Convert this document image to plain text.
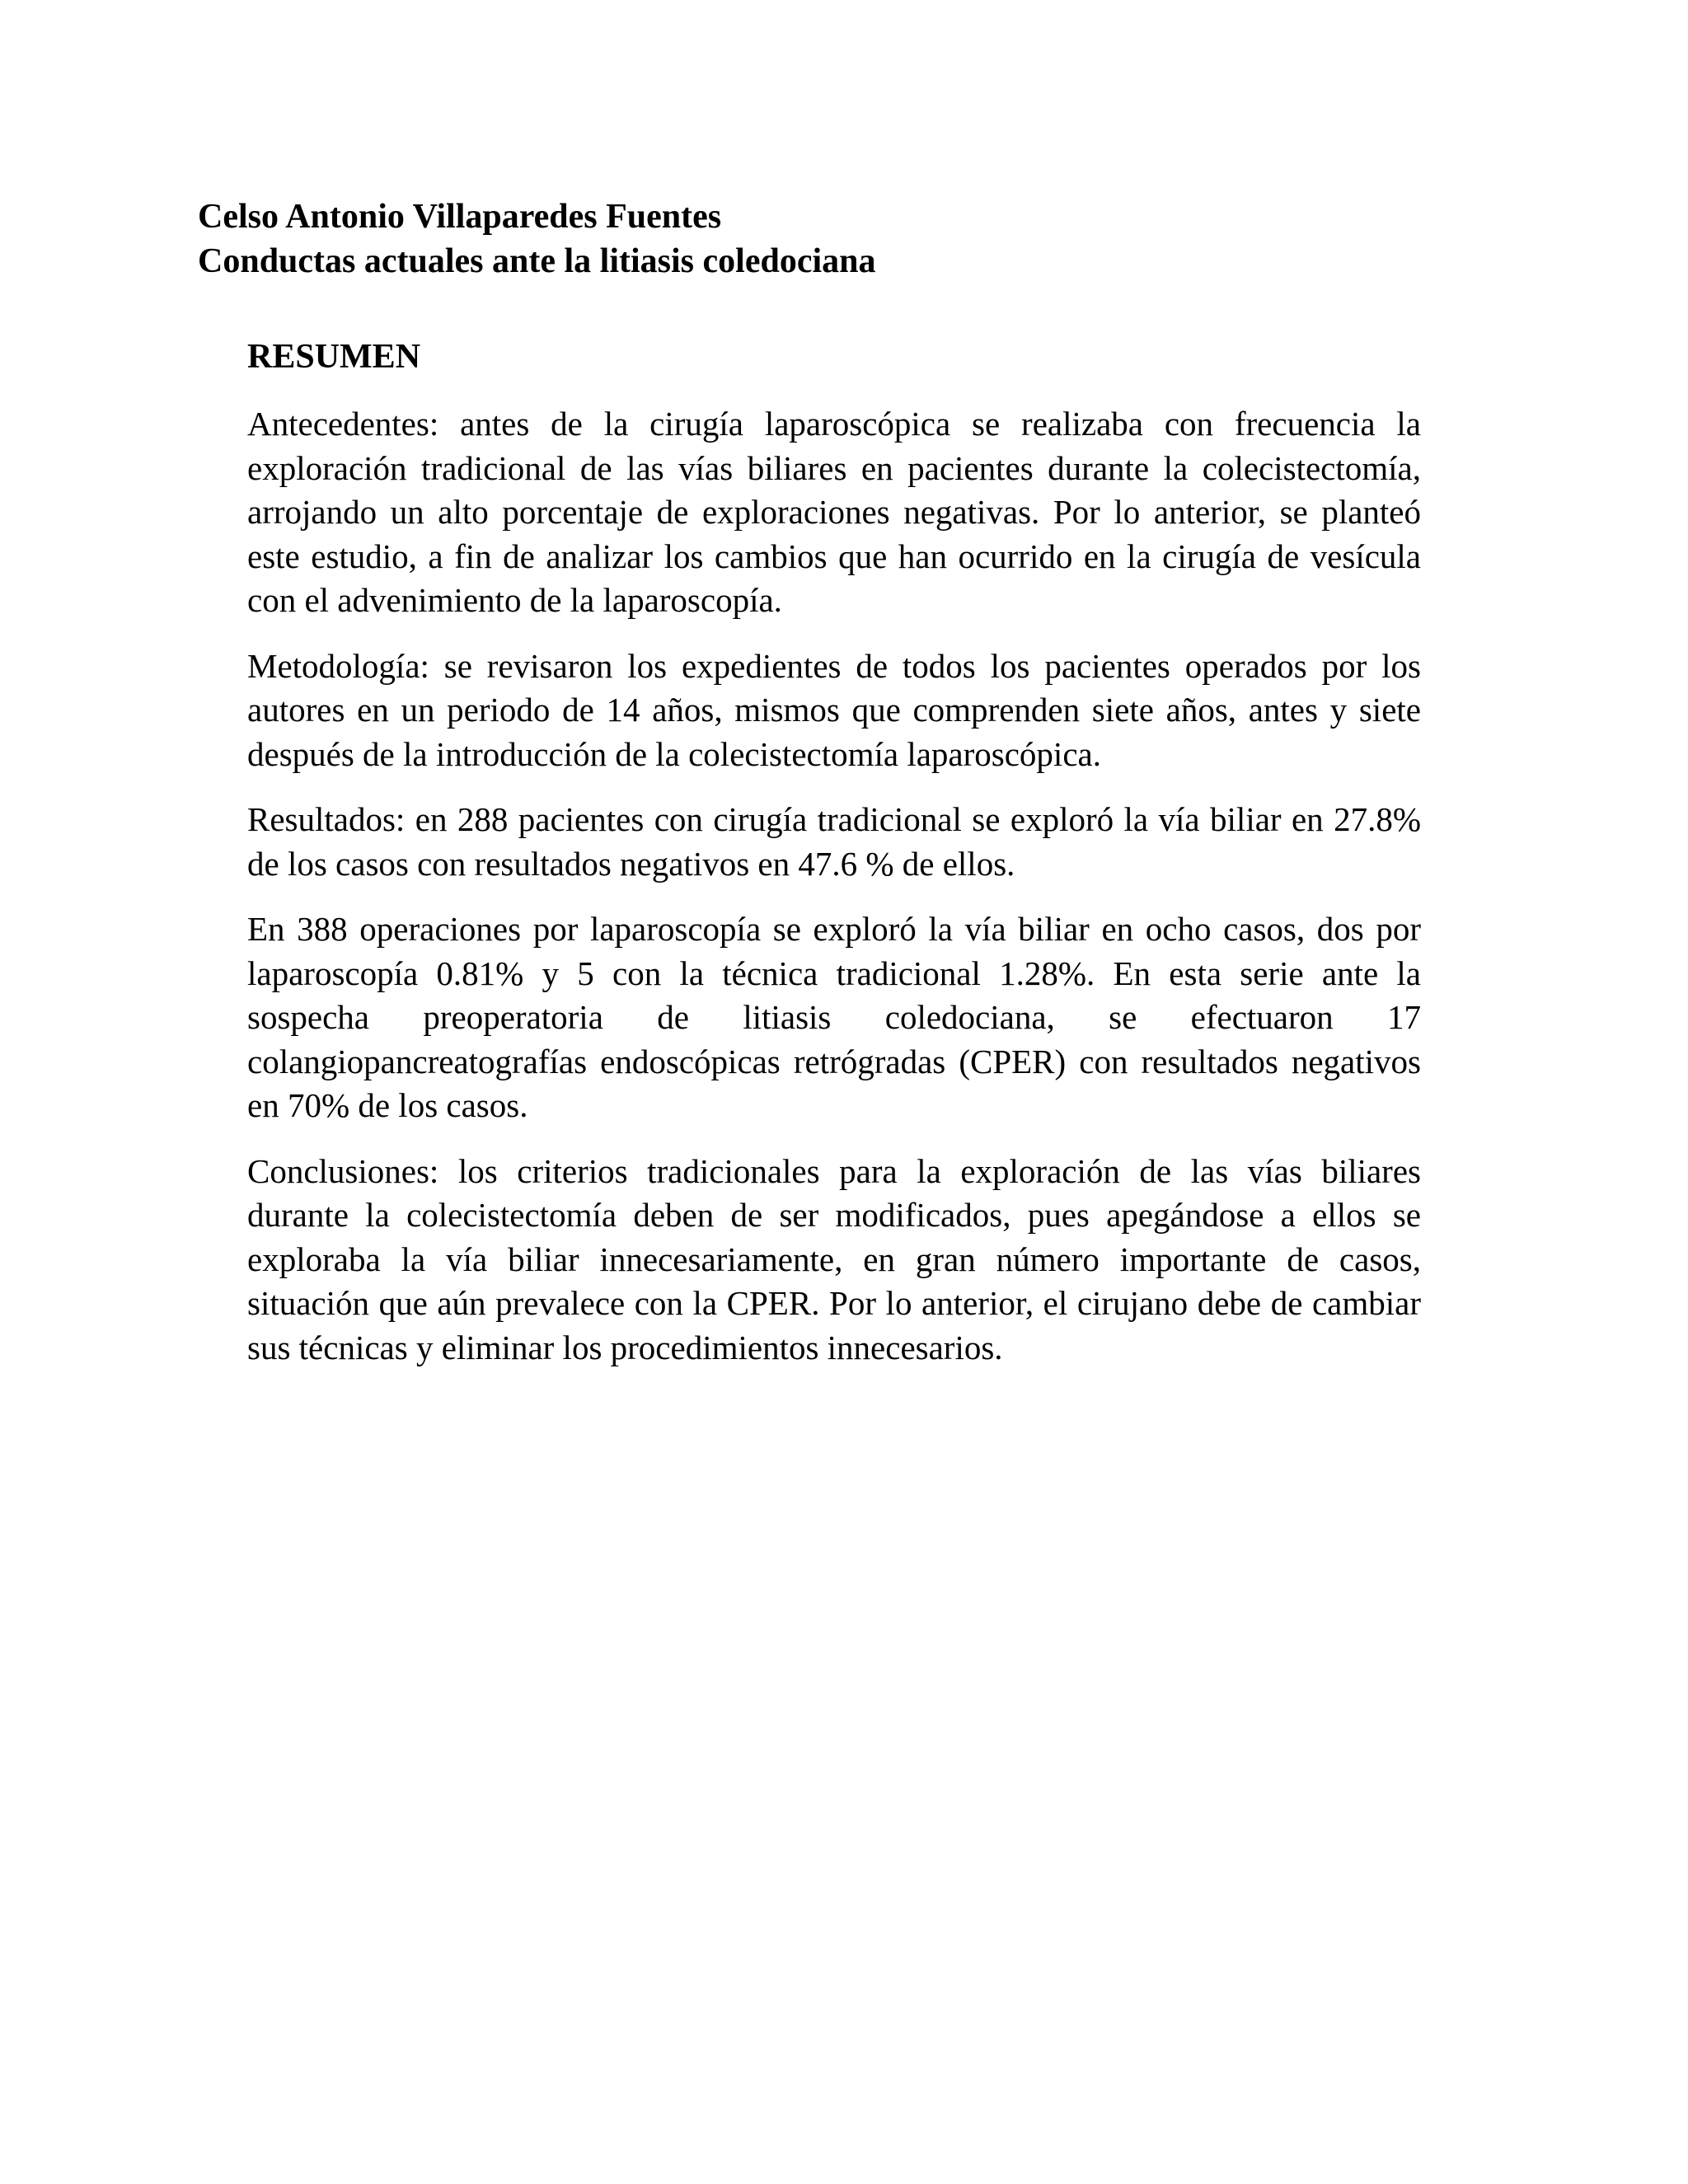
Celso Antonio Villaparedes Fuentes
Conductas actuales ante la litiasis coledociana
RESUMEN

Antecedentes: antes de la cirugía laparoscópica se realizaba con frecuencia la exploración tradicional de las vías biliares en pacientes durante la colecistectomía, arrojando un alto porcentaje de exploraciones negativas. Por lo anterior, se planteó este estudio, a fin de analizar los cambios que han ocurrido en la cirugía de vesícula con el advenimiento de la laparoscopía.

Metodología: se revisaron los expedientes de todos los pacientes operados por los autores en un periodo de 14 años, mismos que comprenden siete años, antes y siete después de la introducción de la colecistectomía laparoscópica.

Resultados: en 288 pacientes con cirugía tradicional se exploró la vía biliar en 27.8% de los casos con resultados negativos en 47.6 % de ellos.

En 388 operaciones por laparoscopía se exploró la vía biliar en ocho casos, dos por laparoscopía 0.81% y 5 con la técnica tradicional 1.28%. En esta serie ante la sospecha preoperatoria de litiasis coledociana, se efectuaron 17 colangiopancreatografías endoscópicas retrógradas (CPER) con resultados negativos en 70% de los casos.

Conclusiones: los criterios tradicionales para la exploración de las vías biliares durante la colecistectomía deben de ser modificados, pues apegándose a ellos se exploraba la vía biliar innecesariamente, en gran número importante de casos, situación que aún prevalece con la CPER. Por lo anterior, el cirujano debe de cambiar sus técnicas y eliminar los procedimientos innecesarios.
